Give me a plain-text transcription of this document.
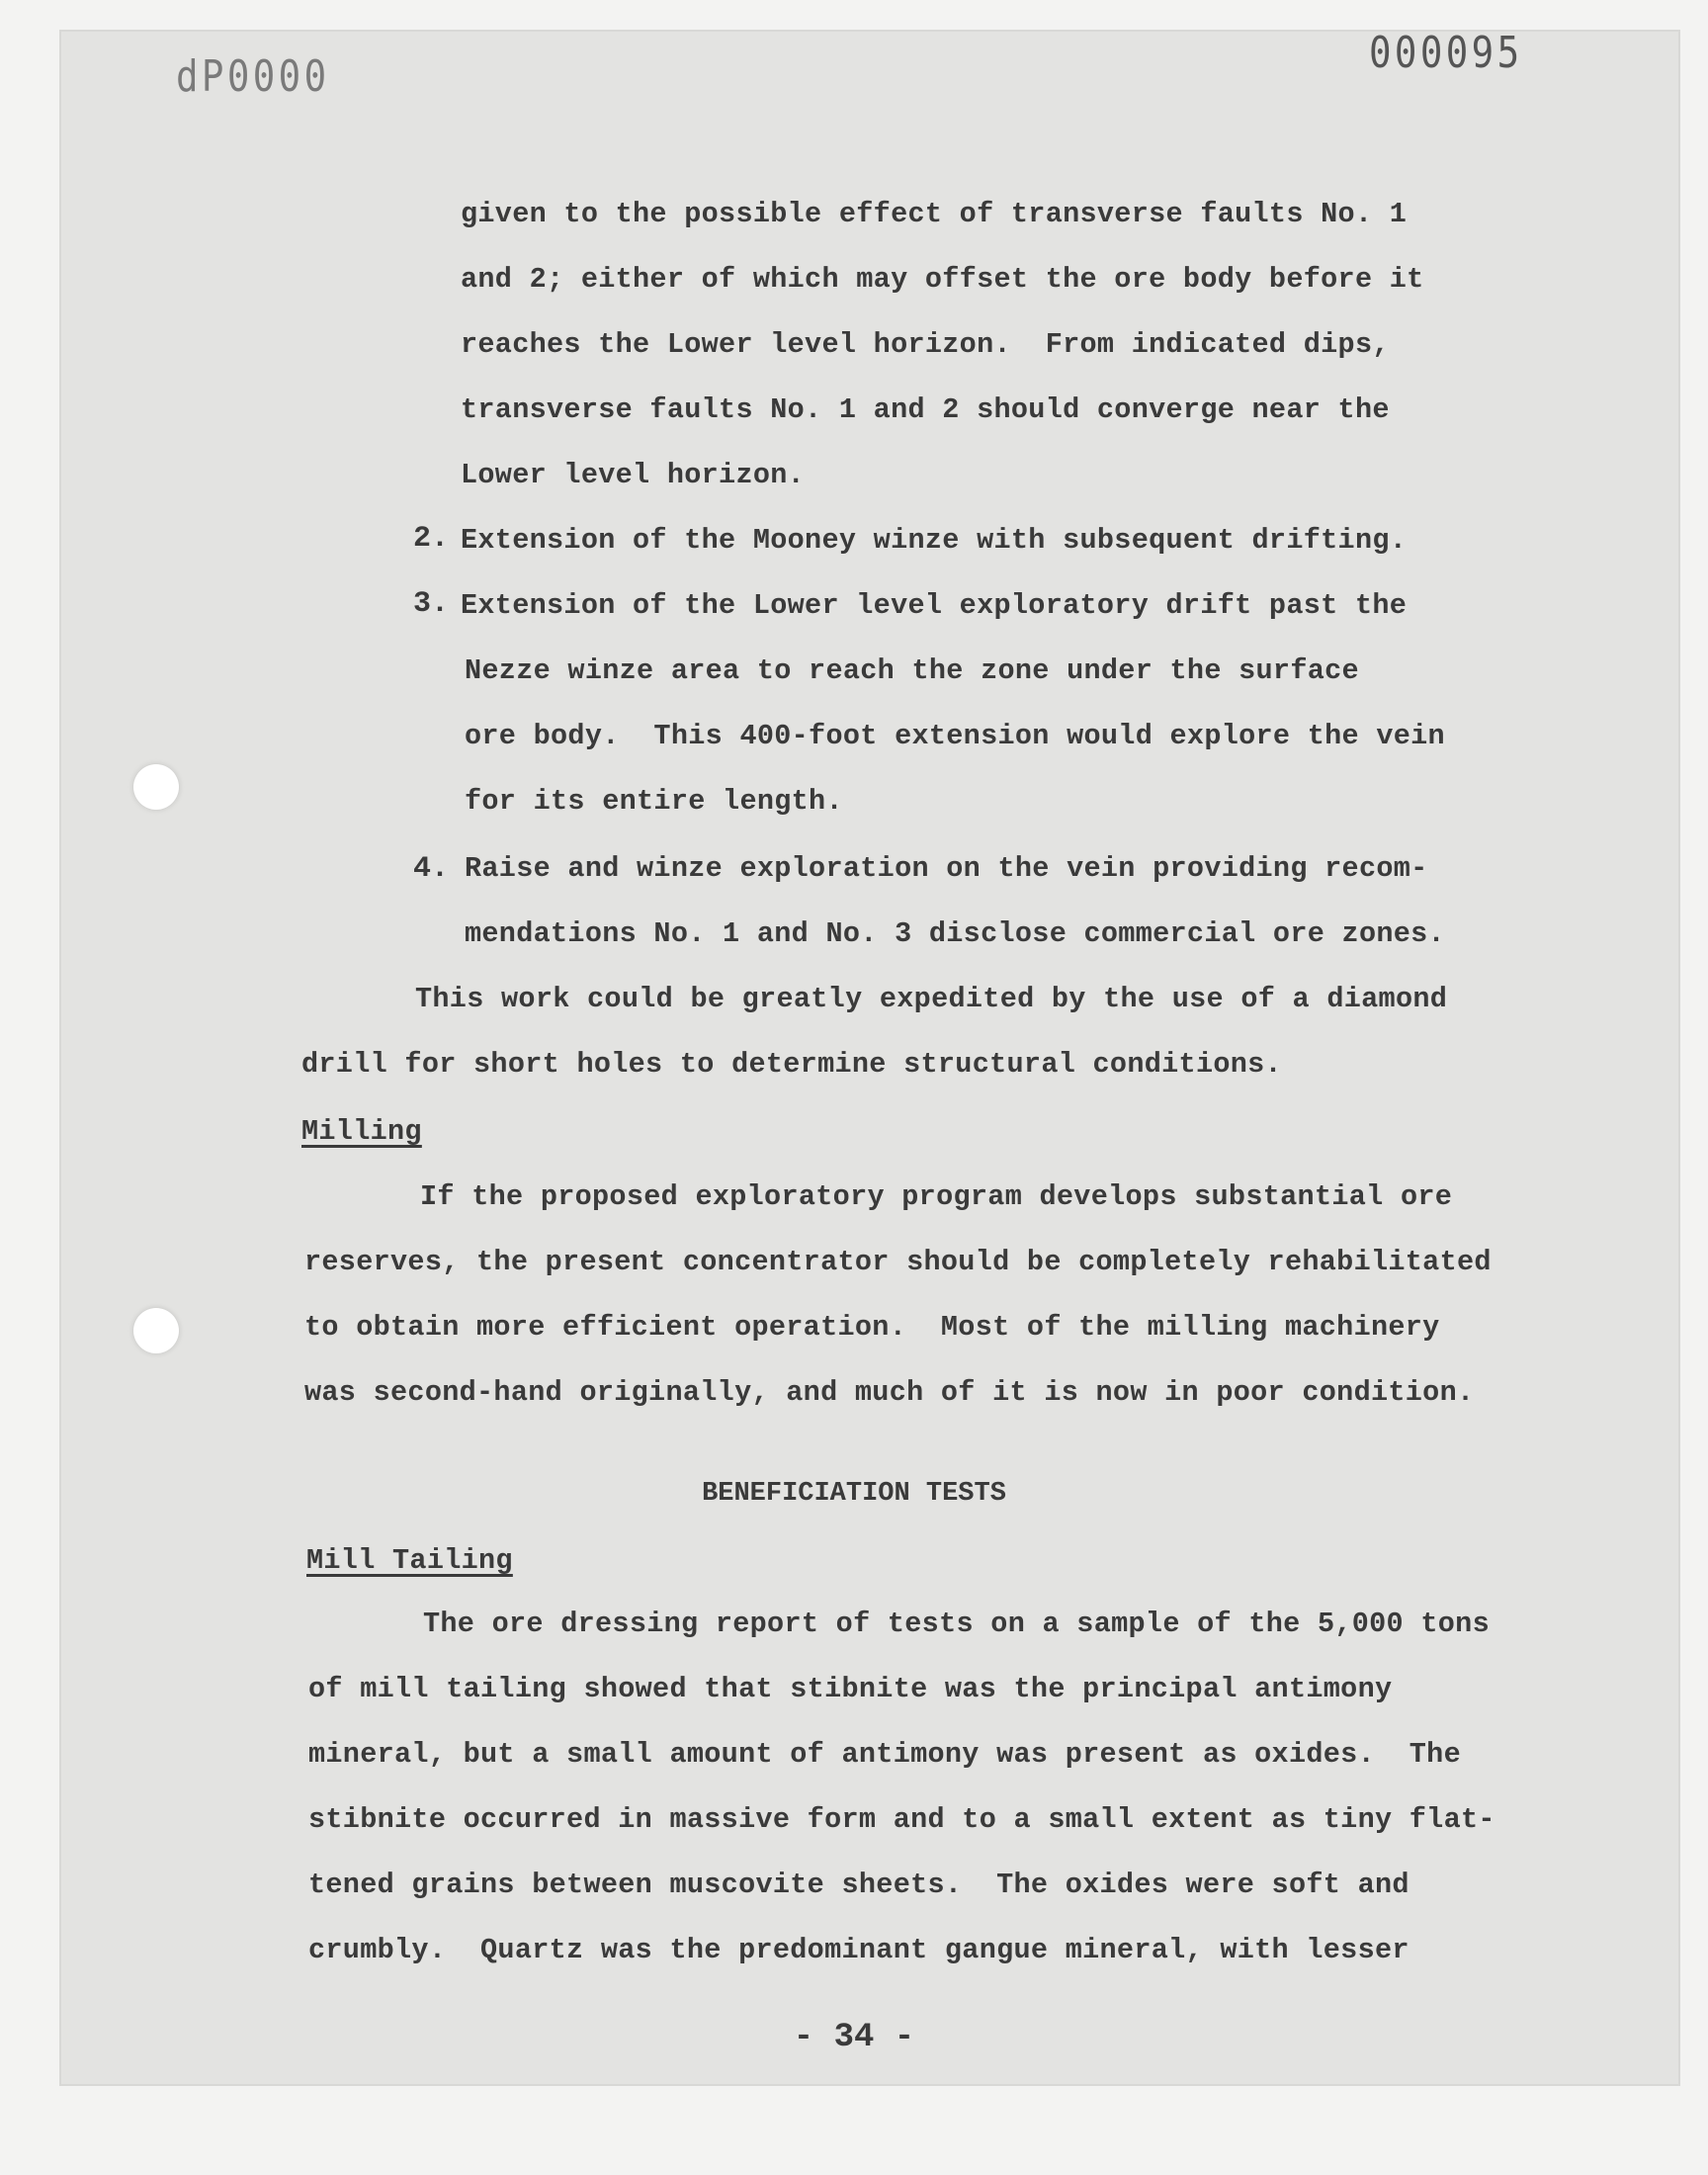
dP0000	000095
given to the possible effect of transverse faults No. 1
and 2; either of which may offset the ore body before it
reaches the Lower level horizon.  From indicated dips,
transverse faults No. 1 and 2 should converge near the
Lower level horizon.
2. Extension of the Mooney winze with subsequent drifting.
3. Extension of the Lower level exploratory drift past the
Nezze winze area to reach the zone under the surface
ore body.  This 400-foot extension would explore the vein
for its entire length.
4. Raise and winze exploration on the vein providing recom-
mendations No. 1 and No. 3 disclose commercial ore zones.
This work could be greatly expedited by the use of a diamond
drill for short holes to determine structural conditions.
Milling
If the proposed exploratory program develops substantial ore
reserves, the present concentrator should be completely rehabilitated
to obtain more efficient operation.  Most of the milling machinery
was second-hand originally, and much of it is now in poor condition.
BENEFICIATION TESTS
Mill Tailing
The ore dressing report of tests on a sample of the 5,000 tons
of mill tailing showed that stibnite was the principal antimony
mineral, but a small amount of antimony was present as oxides.  The
stibnite occurred in massive form and to a small extent as tiny flat-
tened grains between muscovite sheets.  The oxides were soft and
crumbly.  Quartz was the predominant gangue mineral, with lesser
- 34 -
